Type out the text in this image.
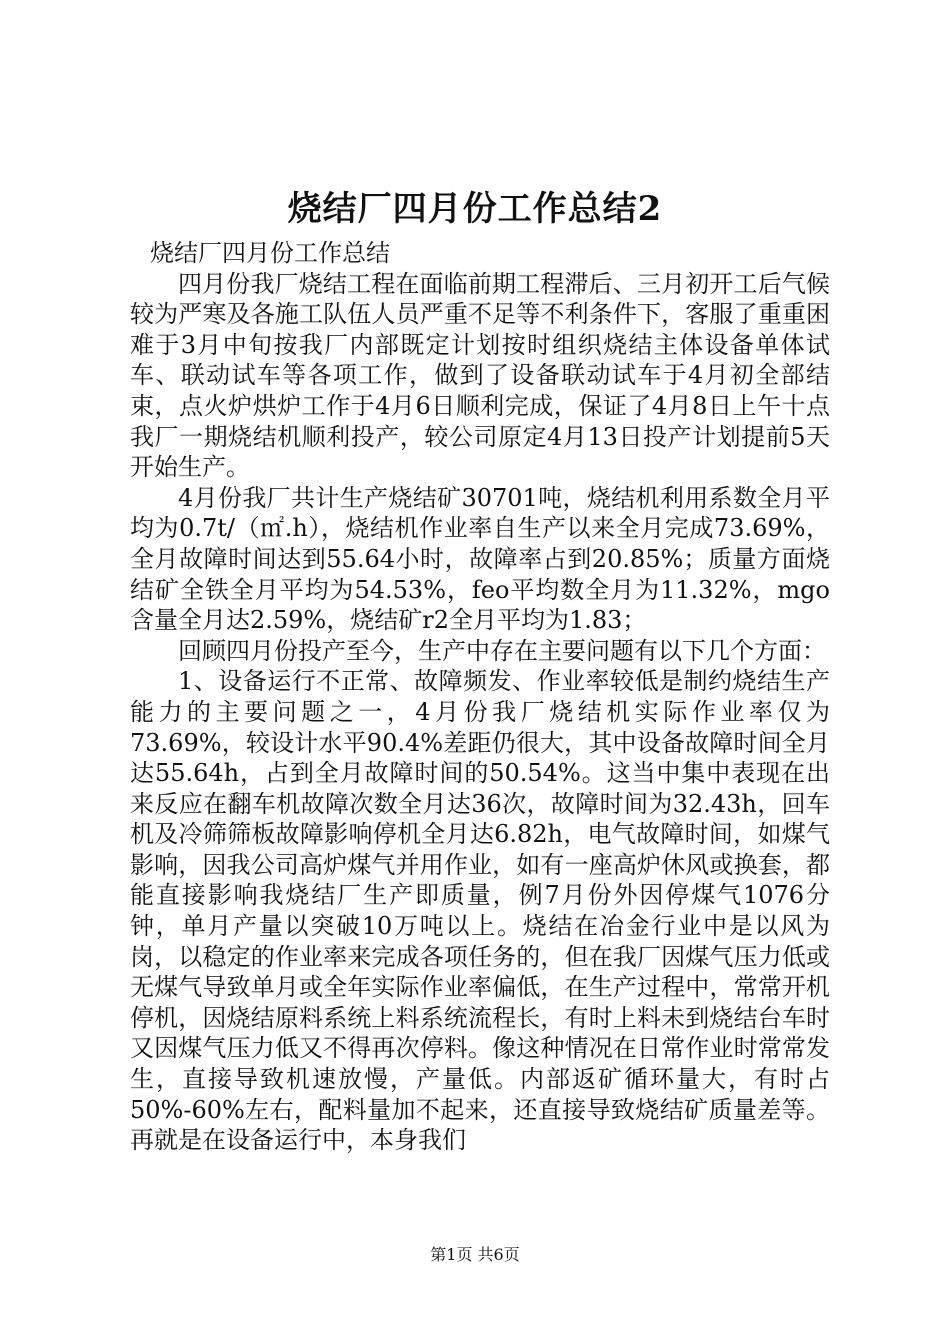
烧结厂四月份工作总结2

烧结厂四月份工作总结

四月份我厂烧结工程在面临前期工程滞后、三月初开工后气候较为严寒及各施工队伍人员严重不足等不利条件下，客服了重重困难于3月中旬按我厂内部既定计划按时组织烧结主体设备单体试车、联动试车等各项工作，做到了设备联动试车于4月初全部结束，点火炉烘炉工作于4月6日顺利完成，保证了4月8日上午十点我厂一期烧结机顺利投产，较公司原定4月13日投产计划提前5天开始生产。

4月份我厂共计生产烧结矿30701吨，烧结机利用系数全月平均为0.7t/（㎡.h），烧结机作业率自生产以来全月完成73.69%，全月故障时间达到55.64小时，故障率占到20.85%；质量方面烧结矿全铁全月平均为54.53%，feo平均数全月为11.32%，mgo含量全月达2.59%，烧结矿r2全月平均为1.83；

回顾四月份投产至今，生产中存在主要问题有以下几个方面：

1、设备运行不正常、故障频发、作业率较低是制约烧结生产能力的主要问题之一，4月份我厂烧结机实际作业率仅为73.69%，较设计水平90.4%差距仍很大，其中设备故障时间全月达55.64h，占到全月故障时间的50.54%。这当中集中表现在出来反应在翻车机故障次数全月达36次，故障时间为32.43h，回车机及冷筛筛板故障影响停机全月达6.82h，电气故障时间，如煤气影响，因我公司高炉煤气并用作业，如有一座高炉休风或换套，都能直接影响我烧结厂生产即质量，例7月份外因停煤气1076分钟，单月产量以突破10万吨以上。烧结在冶金行业中是以风为岗，以稳定的作业率来完成各项任务的，但在我厂因煤气压力低或无煤气导致单月或全年实际作业率偏低，在生产过程中，常常开机停机，因烧结原料系统上料系统流程长，有时上料未到烧结台车时又因煤气压力低又不得再次停料。像这种情况在日常作业时常常发生，直接导致机速放慢，产量低。内部返矿循环量大，有时占50%-60%左右，配料量加不起来，还直接导致烧结矿质量差等。再就是在设备运行中，本身我们

第1页 共6页
